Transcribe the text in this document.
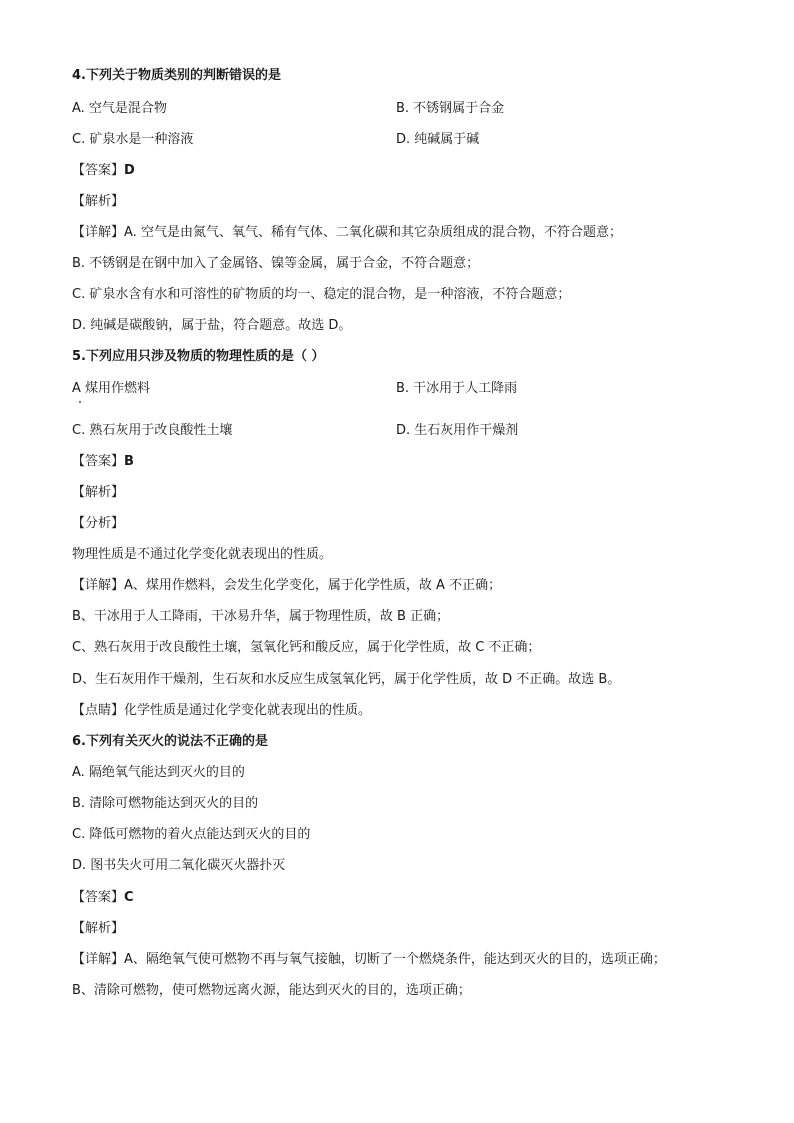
4.下列关于物质类别的判断错误的是
A. 空气是混合物	B. 不锈钢属于合金
C. 矿泉水是一种溶液	D. 纯碱属于碱
【答案】D
【解析】
【详解】A. 空气是由氮气、氧气、稀有气体、二氧化碳和其它杂质组成的混合物，不符合题意；
B. 不锈钢是在钢中加入了金属铬、镍等金属，属于合金，不符合题意；
C. 矿泉水含有水和可溶性的矿物质的均一、稳定的混合物，是一种溶液，不符合题意；
D. 纯碱是碳酸钠，属于盐，符合题意。故选 D。
5.下列应用只涉及物质的物理性质的是（ ）
A 煤用作燃料	B. 干冰用于人工降雨
C. 熟石灰用于改良酸性土壤	D. 生石灰用作干燥剂
【答案】B
【解析】
【分析】
物理性质是不通过化学变化就表现出的性质。
【详解】A、煤用作燃料，会发生化学变化，属于化学性质，故 A 不正确；
B、干冰用于人工降雨，干冰易升华，属于物理性质，故 B 正确；
C、熟石灰用于改良酸性土壤，氢氧化钙和酸反应，属于化学性质，故 C 不正确；
D、生石灰用作干燥剂，生石灰和水反应生成氢氧化钙，属于化学性质，故 D 不正确。故选 B。
【点睛】化学性质是通过化学变化就表现出的性质。
6.下列有关灭火的说法不正确的是
A. 隔绝氧气能达到灭火的目的
B. 清除可燃物能达到灭火的目的
C. 降低可燃物的着火点能达到灭火的目的
D. 图书失火可用二氧化碳灭火器扑灭
【答案】C
【解析】
【详解】A、隔绝氧气使可燃物不再与氧气接触，切断了一个燃烧条件，能达到灭火的目的，选项正确；
B、清除可燃物，使可燃物远离火源，能达到灭火的目的，选项正确；
